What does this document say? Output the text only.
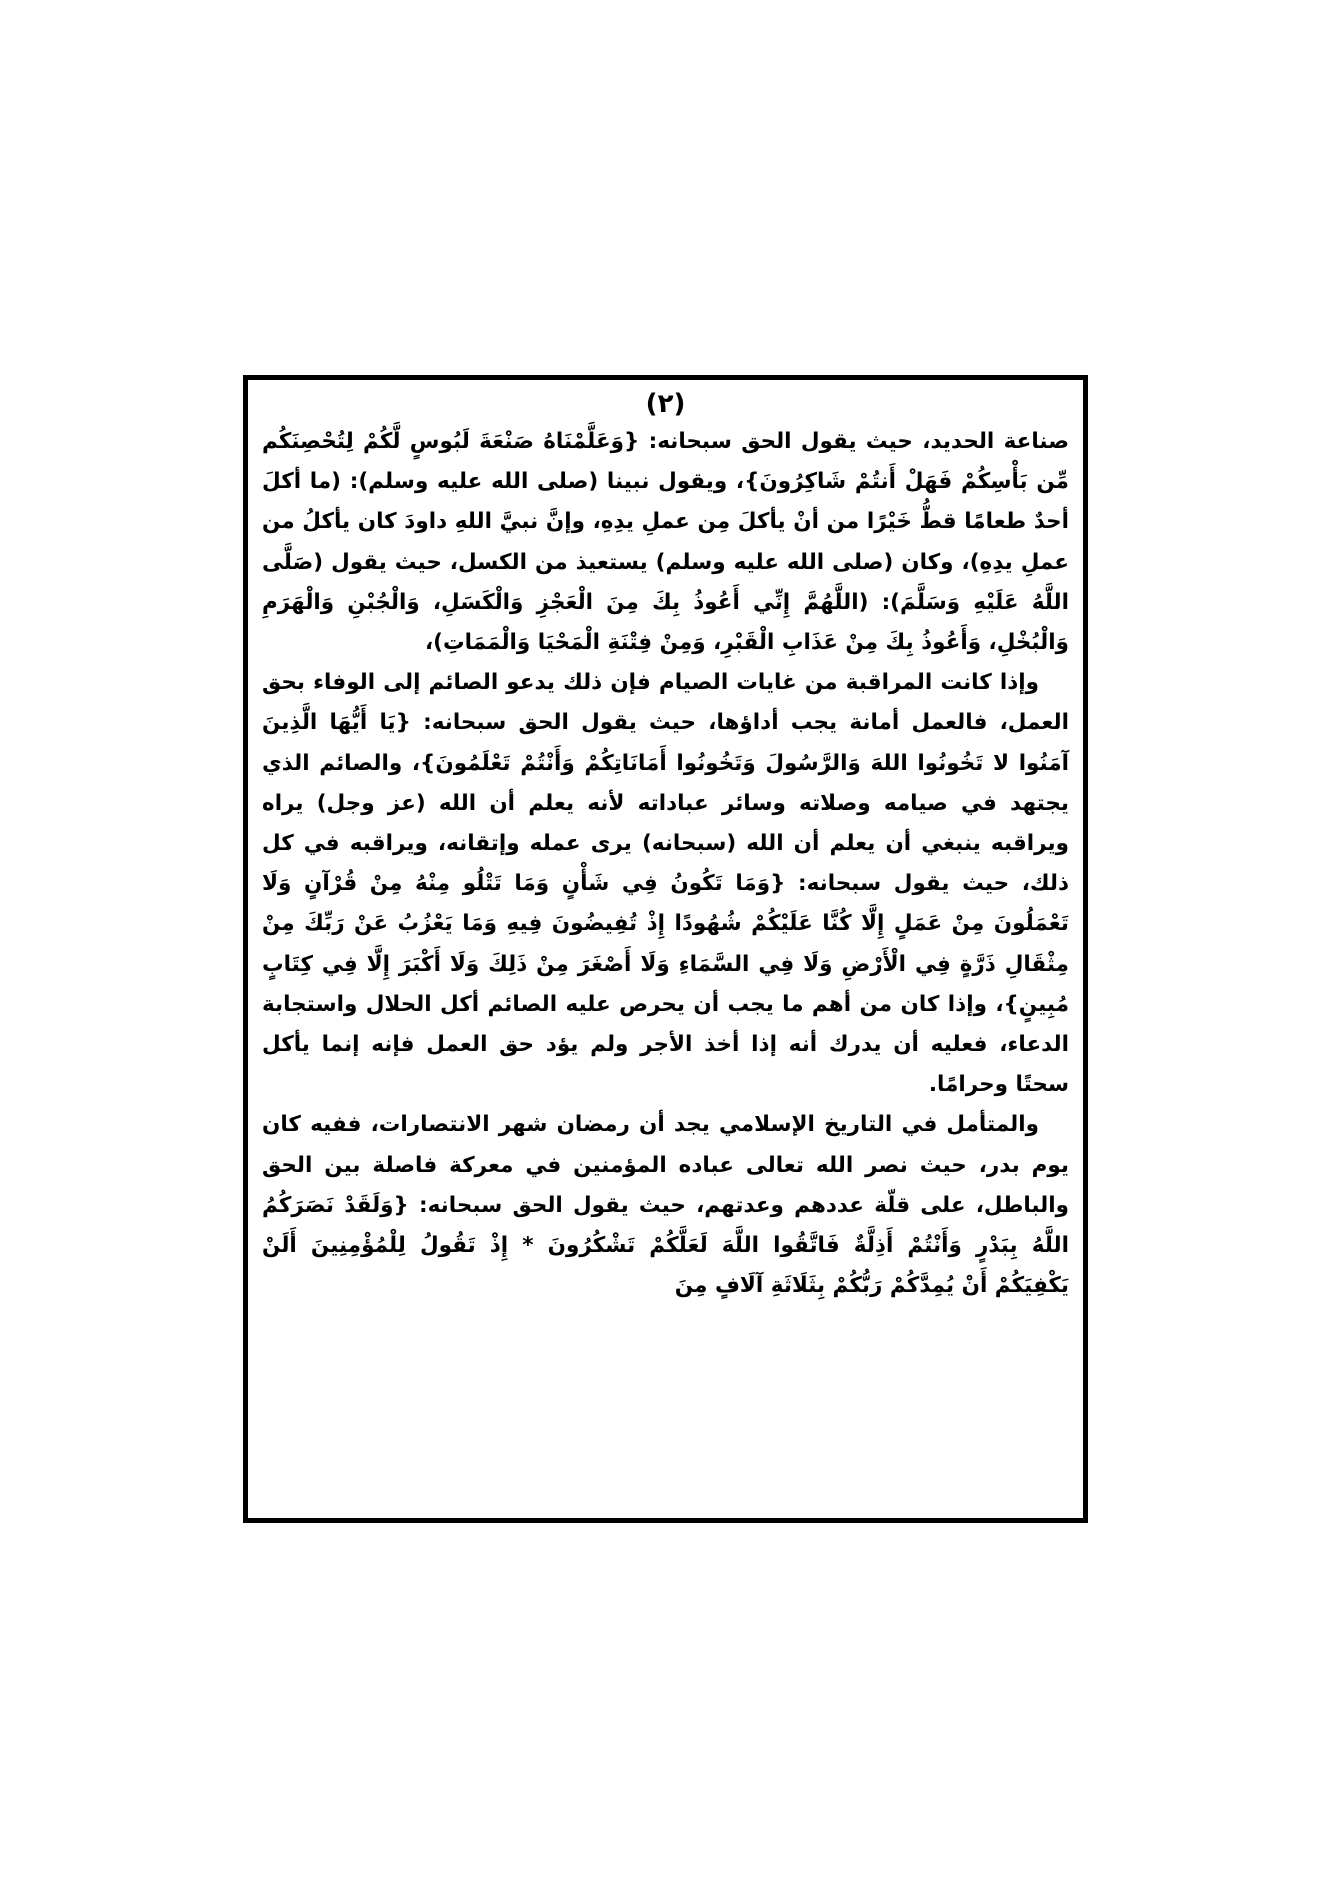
(٢)

صناعة الحديد، حيث يقول الحق سبحانه: {وَعَلَّمْنَاهُ صَنْعَةَ لَبُوسٍ لَّكُمْ لِتُحْصِنَكُم مِّن بَأْسِكُمْ فَهَلْ أَنتُمْ شَاكِرُونَ}، ويقول نبينا (صلى الله عليه وسلم): (ما أكلَ أحدٌ طعامًا قطُّ خَيْرًا من أنْ يأكلَ مِن عملِ يدِهِ، وإنَّ نبيَّ اللهِ داودَ كان يأكلُ من عملِ يدِهِ)، وكان (صلى الله عليه وسلم) يستعيذ من الكسل، حيث يقول (صَلَّى اللَّهُ عَلَيْهِ وَسَلَّمَ): (اللَّهُمَّ إِنِّي أَعُوذُ بِكَ مِنَ الْعَجْزِ وَالْكَسَلِ، وَالْجُبْنِ وَالْهَرَمِ وَالْبُخْلِ، وَأَعُوذُ بِكَ مِنْ عَذَابِ الْقَبْرِ، وَمِنْ فِتْنَةِ الْمَحْيَا وَالْمَمَاتِ)،

وإذا كانت المراقبة من غايات الصيام فإن ذلك يدعو الصائم إلى الوفاء بحق العمل، فالعمل أمانة يجب أداؤها، حيث يقول الحق سبحانه: {يَا أَيُّهَا الَّذِينَ آمَنُوا لا تَخُونُوا اللهَ وَالرَّسُولَ وَتَخُونُوا أَمَانَاتِكُمْ وَأَنْتُمْ تَعْلَمُونَ}، والصائم الذي يجتهد في صيامه وصلاته وسائر عباداته لأنه يعلم أن الله (عز وجل) يراه ويراقبه ينبغي أن يعلم أن الله (سبحانه) يرى عمله وإتقانه، ويراقبه في كل ذلك، حيث يقول سبحانه: {وَمَا تَكُونُ فِي شَأْنٍ وَمَا تَتْلُو مِنْهُ مِنْ قُرْآنٍ وَلَا تَعْمَلُونَ مِنْ عَمَلٍ إِلَّا كُنَّا عَلَيْكُمْ شُهُودًا إِذْ تُفِيضُونَ فِيهِ وَمَا يَعْزُبُ عَنْ رَبِّكَ مِنْ مِثْقَالِ ذَرَّةٍ فِي الْأَرْضِ وَلَا فِي السَّمَاءِ وَلَا أَصْغَرَ مِنْ ذَلِكَ وَلَا أَكْبَرَ إِلَّا فِي كِتَابٍ مُبِينٍ}، وإذا كان من أهم ما يجب أن يحرص عليه الصائم أكل الحلال واستجابة الدعاء، فعليه أن يدرك أنه إذا أخذ الأجر ولم يؤد حق العمل فإنه إنما يأكل سحتًا وحرامًا.

والمتأمل في التاريخ الإسلامي يجد أن رمضان شهر الانتصارات، ففيه كان يوم بدر، حيث نصر الله تعالى عباده المؤمنين في معركة فاصلة بين الحق والباطل، على قلّة عددهم وعدتهم، حيث يقول الحق سبحانه: {وَلَقَدْ نَصَرَكُمُ اللَّهُ بِبَدْرٍ وَأَنْتُمْ أَذِلَّةٌ فَاتَّقُوا اللَّهَ لَعَلَّكُمْ تَشْكُرُونَ * إِذْ تَقُولُ لِلْمُؤْمِنِينَ أَلَنْ يَكْفِيَكُمْ أَنْ يُمِدَّكُمْ رَبُّكُمْ بِثَلَاثَةِ آلَافٍ مِنَ
